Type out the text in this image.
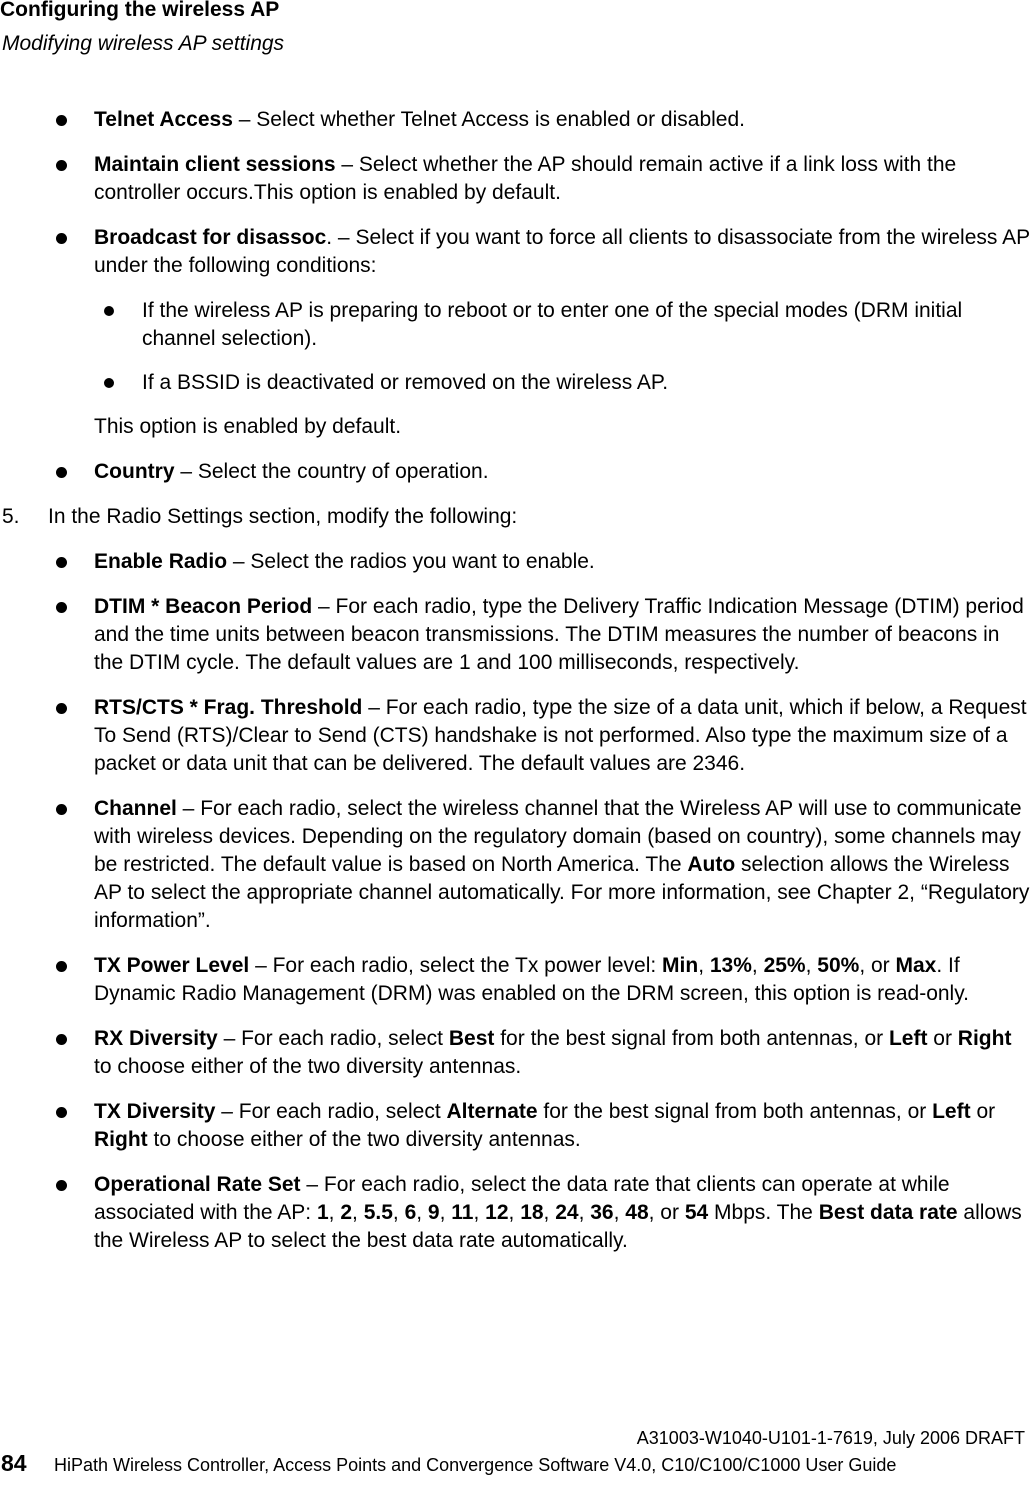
Configuring the wireless AP
Modifying wireless AP settings
Telnet Access – Select whether Telnet Access is enabled or disabled.
Maintain client sessions – Select whether the AP should remain active if a link loss with the controller occurs.This option is enabled by default.
Broadcast for disassoc. – Select if you want to force all clients to disassociate from the wireless AP under the following conditions:
If the wireless AP is preparing to reboot or to enter one of the special modes (DRM initial channel selection).
If a BSSID is deactivated or removed on the wireless AP.
This option is enabled by default.
Country – Select the country of operation.
5. In the Radio Settings section, modify the following:
Enable Radio – Select the radios you want to enable.
DTIM * Beacon Period – For each radio, type the Delivery Traffic Indication Message (DTIM) period and the time units between beacon transmissions. The DTIM measures the number of beacons in the DTIM cycle. The default values are 1 and 100 milliseconds, respectively.
RTS/CTS * Frag. Threshold – For each radio, type the size of a data unit, which if below, a Request To Send (RTS)/Clear to Send (CTS) handshake is not performed. Also type the maximum size of a packet or data unit that can be delivered. The default values are 2346.
Channel – For each radio, select the wireless channel that the Wireless AP will use to communicate with wireless devices. Depending on the regulatory domain (based on country), some channels may be restricted. The default value is based on North America. The Auto selection allows the Wireless AP to select the appropriate channel automatically. For more information, see Chapter 2, “Regulatory information”.
TX Power Level – For each radio, select the Tx power level: Min, 13%, 25%, 50%, or Max. If Dynamic Radio Management (DRM) was enabled on the DRM screen, this option is read-only.
RX Diversity – For each radio, select Best for the best signal from both antennas, or Left or Right to choose either of the two diversity antennas.
TX Diversity – For each radio, select Alternate for the best signal from both antennas, or Left or Right to choose either of the two diversity antennas.
Operational Rate Set – For each radio, select the data rate that clients can operate at while associated with the AP: 1, 2, 5.5, 6, 9, 11, 12, 18, 24, 36, 48, or 54 Mbps. The Best data rate allows the Wireless AP to select the best data rate automatically.
A31003-W1040-U101-1-7619, July 2006 DRAFT
84 HiPath Wireless Controller, Access Points and Convergence Software V4.0, C10/C100/C1000 User Guide
